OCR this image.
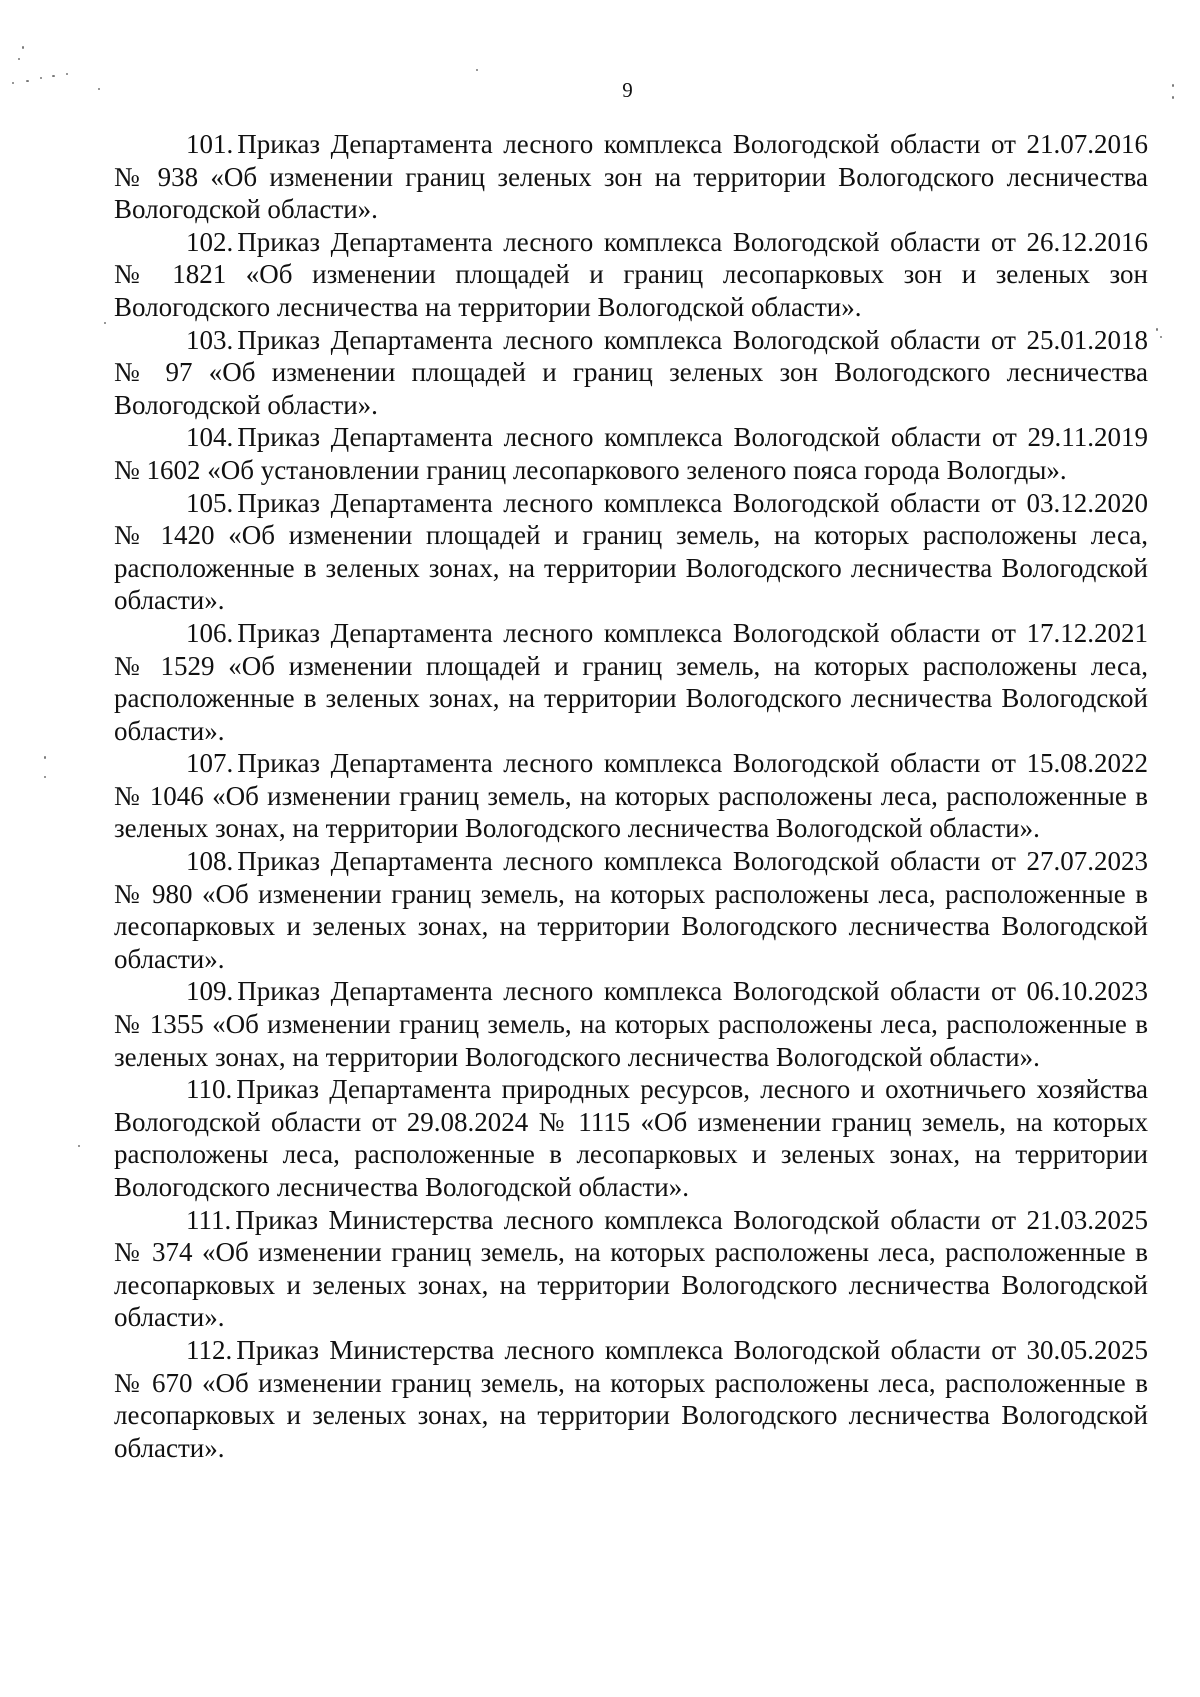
9

101. Приказ Департамента лесного комплекса Вологодской области от 21.07.2016 № 938 «Об изменении границ зеленых зон на территории Вологодского лесничества Вологодской области».

102. Приказ Департамента лесного комплекса Вологодской области от 26.12.2016 № 1821 «Об изменении площадей и границ лесопарковых зон и зеленых зон Вологодского лесничества на территории Вологодской области».

103. Приказ Департамента лесного комплекса Вологодской области от 25.01.2018 № 97 «Об изменении площадей и границ зеленых зон Вологодского лесничества Вологодской области».

104. Приказ Департамента лесного комплекса Вологодской области от 29.11.2019 № 1602 «Об установлении границ лесопаркового зеленого пояса города Вологды».

105. Приказ Департамента лесного комплекса Вологодской области от 03.12.2020 № 1420 «Об изменении площадей и границ земель, на которых расположены леса, расположенные в зеленых зонах, на территории Вологодского лесничества Вологодской области».

106. Приказ Департамента лесного комплекса Вологодской области от 17.12.2021 № 1529 «Об изменении площадей и границ земель, на которых расположены леса, расположенные в зеленых зонах, на территории Вологодского лесничества Вологодской области».

107. Приказ Департамента лесного комплекса Вологодской области от 15.08.2022 № 1046 «Об изменении границ земель, на которых расположены леса, расположенные в зеленых зонах, на территории Вологодского лесничества Вологодской области».

108. Приказ Департамента лесного комплекса Вологодской области от 27.07.2023 № 980 «Об изменении границ земель, на которых расположены леса, расположенные в лесопарковых и зеленых зонах, на территории Вологодского лесничества Вологодской области».

109. Приказ Департамента лесного комплекса Вологодской области от 06.10.2023 № 1355 «Об изменении границ земель, на которых расположены леса, расположенные в зеленых зонах, на территории Вологодского лесничества Вологодской области».

110. Приказ Департамента природных ресурсов, лесного и охотничьего хозяйства Вологодской области от 29.08.2024 № 1115 «Об изменении границ земель, на которых расположены леса, расположенные в лесопарковых и зеленых зонах, на территории Вологодского лесничества Вологодской области».

111. Приказ Министерства лесного комплекса Вологодской области от 21.03.2025 № 374 «Об изменении границ земель, на которых расположены леса, расположенные в лесопарковых и зеленых зонах, на территории Вологодского лесничества Вологодской области».

112. Приказ Министерства лесного комплекса Вологодской области от 30.05.2025 № 670 «Об изменении границ земель, на которых расположены леса, расположенные в лесопарковых и зеленых зонах, на территории Вологодского лесничества Вологодской области».
